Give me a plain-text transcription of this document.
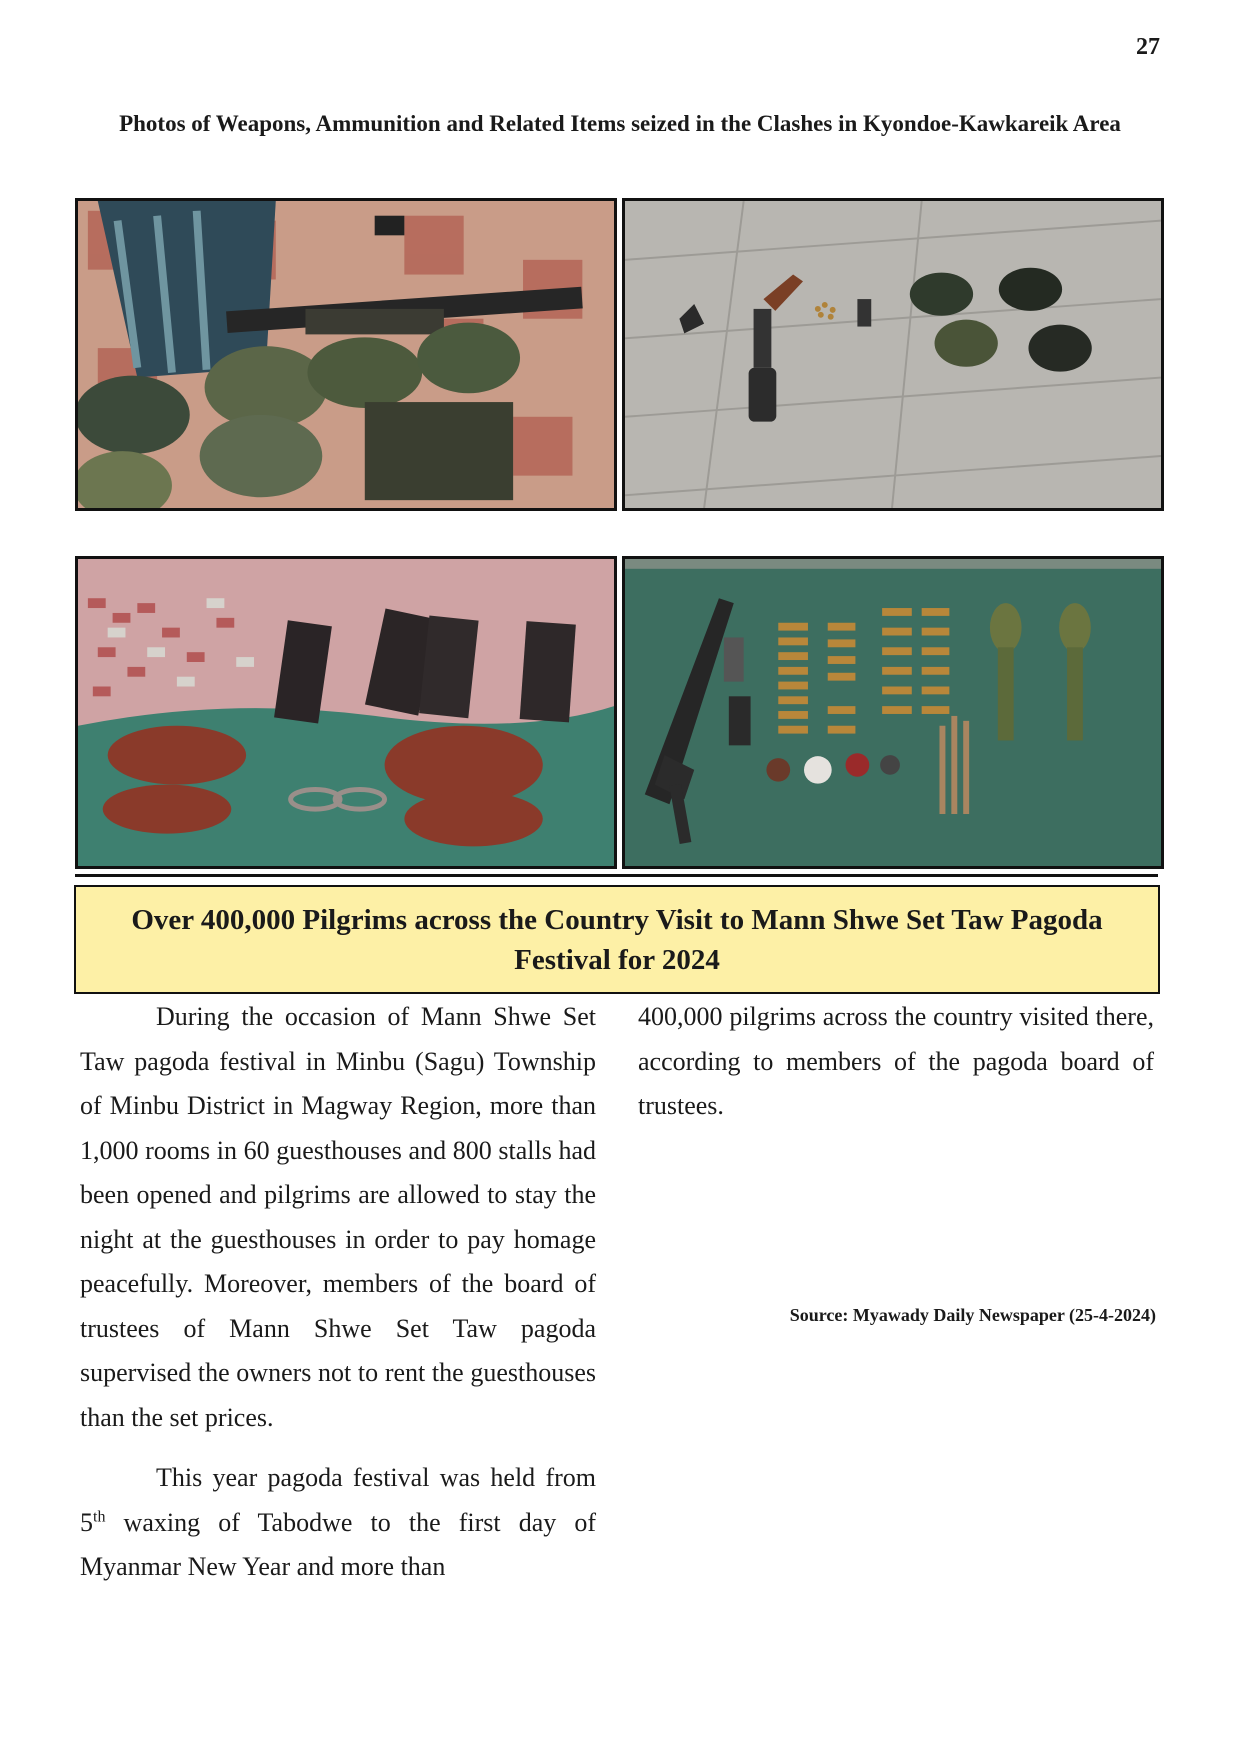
27
Photos of Weapons, Ammunition and Related Items seized in the Clashes in Kyondoe-Kawkareik Area
Over 400,000 Pilgrims across the Country Visit to Mann Shwe Set Taw Pagoda Festival for 2024

During the occasion of Mann Shwe Set Taw pagoda festival in Minbu (Sagu) Township of Minbu District in Magway Region, more than 1,000 rooms in 60 guesthouses and 800 stalls had been opened and pilgrims are allowed to stay the night at the guesthouses in order to pay homage peacefully. Moreover, members of the board of trustees of Mann Shwe Set Taw pagoda supervised the owners not to rent the guesthouses than the set prices.

This year pagoda festival was held from 5th waxing of Tabodwe to the first day of Myanmar New Year and more than

400,000 pilgrims across the country visited there, according to members of the pagoda board of trustees.

Source: Myawady Daily Newspaper (25-4-2024)
